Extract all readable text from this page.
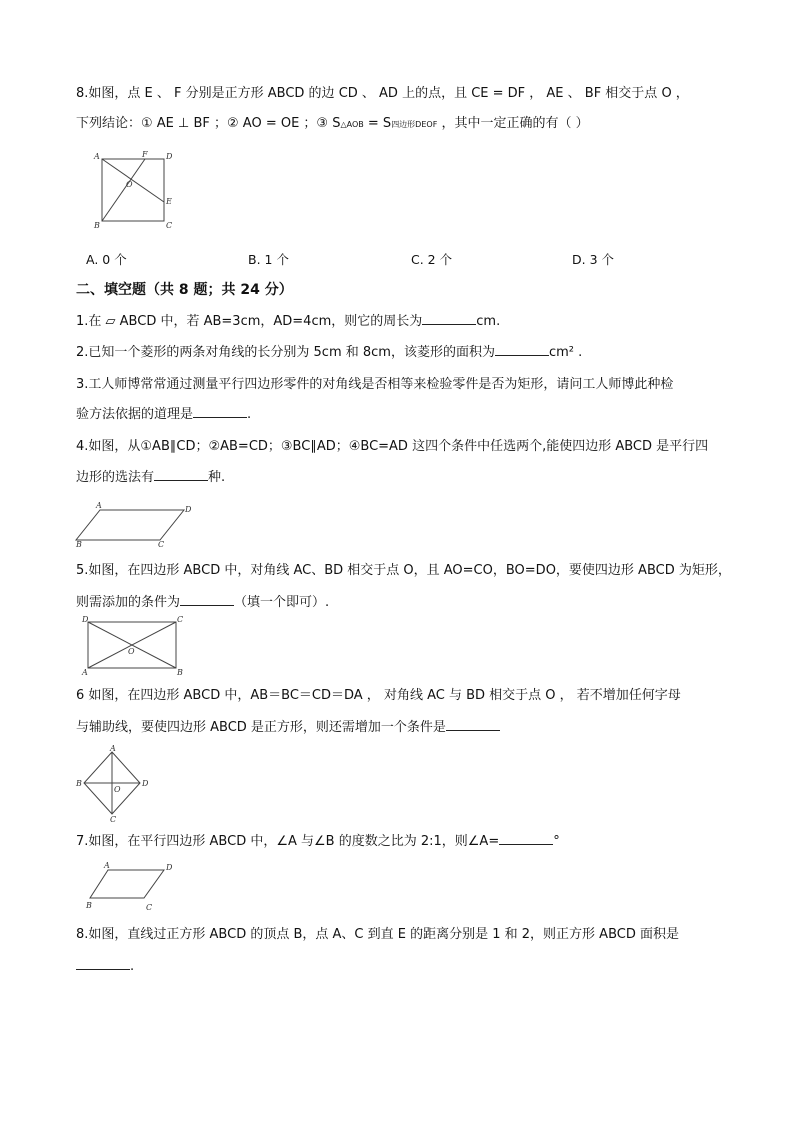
8.如图，点 E 、 F 分别是正方形 ABCD 的边 CD 、 AD 上的点，且 CE = DF ， AE 、 BF 相交于点 O ，
下列结论：① AE ⊥ BF ；② AO = OE ；③ S△AOB = S四边形DEOF ，其中一定正确的有（ ）
A
B	C
D
E
F
O
A. 0 个	B. 1 个	C. 2 个	D. 3 个
二、填空题（共 8 题；共 24 分）
1.在 ▱ ABCD 中，若 AB=3cm，AD=4cm，则它的周长为	cm.
2.已知一个菱形的两条对角线的长分别为 5cm 和 8cm，该菱形的面积为	cm² .
3.工人师博常常通过测量平行四边形零件的对角线是否相等来检验零件是否为矩形，请问工人师博此种检
验方法依据的道理是	.
4.如图，从①AB∥CD；②AB=CD；③BC∥AD；④BC=AD 这四个条件中任选两个,能使四边形 ABCD 是平行四
边形的选法有	种.
A
B	C
D
5.如图，在四边形 ABCD 中，对角线 AC、BD 相交于点 O，且 AO=CO，BO=DO，要使四边形 ABCD 为矩形，
则需添加的条件为	（填一个即可）.
D	C
A	B
O
6 如图，在四边形 ABCD 中，AB＝BC＝CD＝DA ， 对角线 AC 与 BD 相交于点 O ， 若不增加任何字母
与辅助线，要使四边形 ABCD 是正方形，则还需增加一个条件是
A
B
C
D
O
7.如图，在平行四边形 ABCD 中，∠A 与∠B 的度数之比为 2:1，则∠A=	°
A	D
B	C
8.如图，直线过正方形 ABCD 的顶点 B，点 A、C 到直 E 的距离分别是 1 和 2，则正方形 ABCD 面积是
.
